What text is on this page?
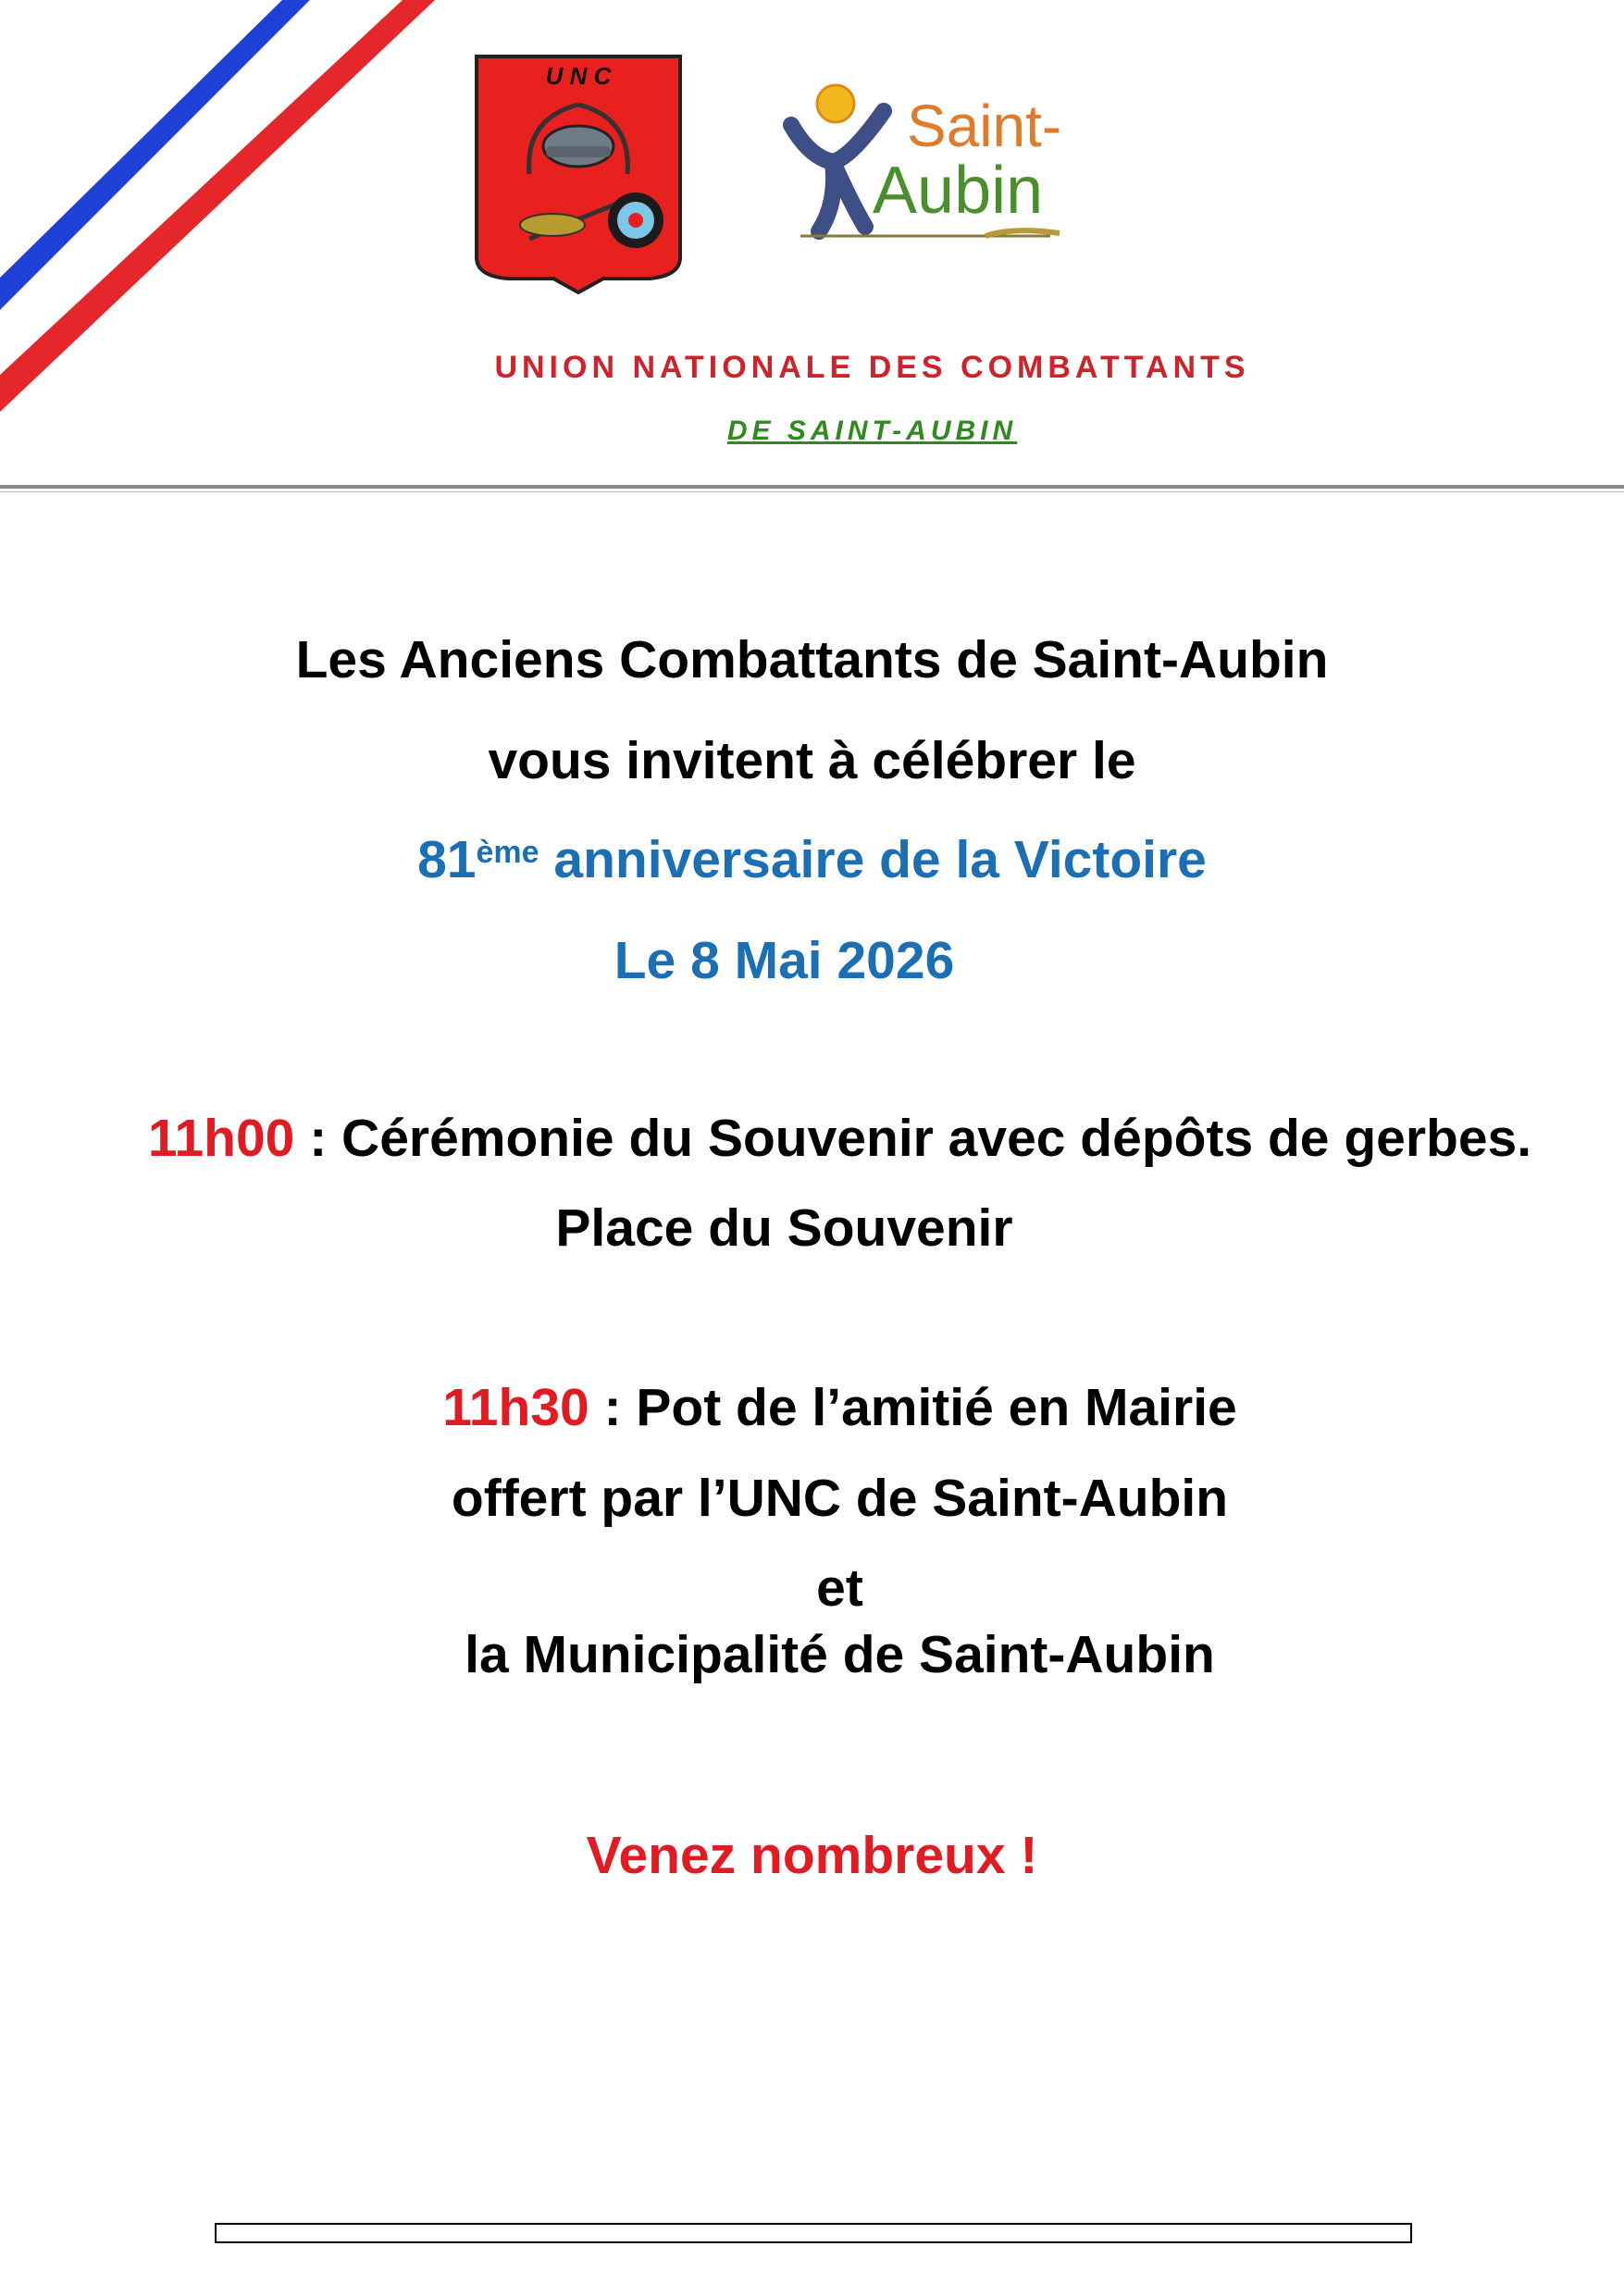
U N C
Saint-
Aubin
UNION NATIONALE DES COMBATTANTS
DE SAINT-AUBIN
Les Anciens Combattants de Saint-Aubin
vous invitent à célébrer le
81ème anniversaire de la Victoire
Le 8 Mai 2026
11h00 : Cérémonie du Souvenir avec dépôts de gerbes.
Place du Souvenir
11h30 : Pot de l’amitié en Mairie
offert par l’UNC de Saint-Aubin
et
la Municipalité de Saint-Aubin
Venez nombreux !
